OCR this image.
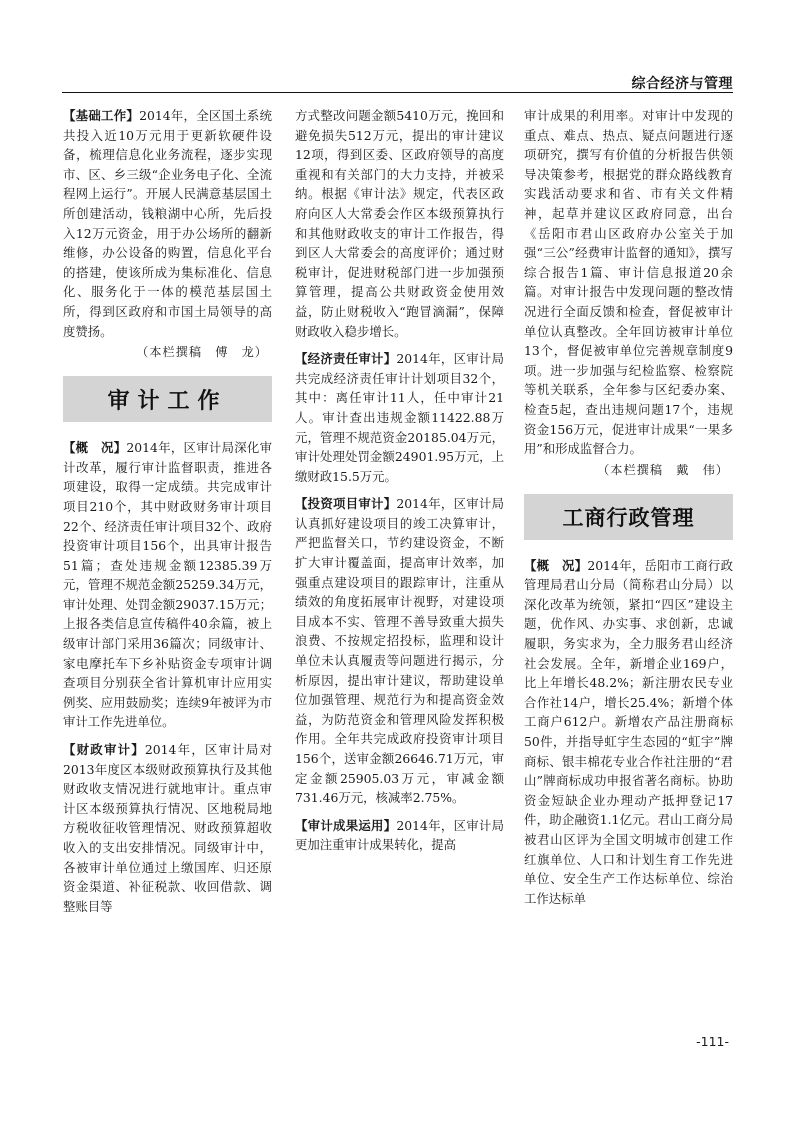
综合经济与管理

【基础工作】2014年，全区国土系统共投入近10万元用于更新软硬件设备，梳理信息化业务流程，逐步实现市、区、乡三级“企业务电子化、全流程网上运行”。开展人民满意基层国土所创建活动，钱粮湖中心所，先后投入12万元资金，用于办公场所的翻新维修，办公设备的购置，信息化平台的搭建，使该所成为集标准化、信息化、服务化于一体的模范基层国土所，得到区政府和市国土局领导的高度赞扬。

（本栏撰稿　傅　龙）

审计工作

【概　况】2014年，区审计局深化审计改革，履行审计监督职责，推进各项建设，取得一定成绩。共完成审计项目210个，其中财政财务审计项目22个、经济责任审计项目32个、政府投资审计项目156个，出具审计报告51篇；查处违规金额12385.39万元，管理不规范金额25259.34万元，审计处理、处罚金额29037.15万元；上报各类信息宣传稿件40余篇，被上级审计部门采用36篇次；同级审计、家电摩托车下乡补贴资金专项审计调查项目分别获全省计算机审计应用实例奖、应用鼓励奖；连续9年被评为市审计工作先进单位。

【财政审计】2014年，区审计局对2013年度区本级财政预算执行及其他财政收支情况进行就地审计。重点审计区本级预算执行情况、区地税局地方税收征收管理情况、财政预算超收收入的支出安排情况。同级审计中，各被审计单位通过上缴国库、归还原资金渠道、补征税款、收回借款、调整账目等

方式整改问题金额5410万元，挽回和避免损失512万元，提出的审计建议12项，得到区委、区政府领导的高度重视和有关部门的大力支持，并被采纳。根据《审计法》规定，代表区政府向区人大常委会作区本级预算执行和其他财政收支的审计工作报告，得到区人大常委会的高度评价；通过财税审计，促进财税部门进一步加强预算管理，提高公共财政资金使用效益，防止财税收入“跑冒滴漏”，保障财政收入稳步增长。

【经济责任审计】2014年，区审计局共完成经济责任审计计划项目32个，其中：离任审计11人，任中审计21人。审计查出违规金额11422.88万元，管理不规范资金20185.04万元，审计处理处罚金额24901.95万元，上缴财政15.5万元。

【投资项目审计】2014年，区审计局认真抓好建设项目的竣工决算审计，严把监督关口，节约建设资金，不断扩大审计覆盖面，提高审计效率，加强重点建设项目的跟踪审计，注重从绩效的角度拓展审计视野，对建设项目成本不实、管理不善导致重大损失浪费、不按规定招投标，监理和设计单位未认真履责等问题进行揭示，分析原因，提出审计建议，帮助建设单位加强管理、规范行为和提高资金效益，为防范资金和管理风险发挥积极作用。全年共完成政府投资审计项目156个，送审金额26646.71万元，审定金额25905.03万元，审减金额731.46万元，核减率2.75%。

【审计成果运用】2014年，区审计局更加注重审计成果转化，提高

审计成果的利用率。对审计中发现的重点、难点、热点、疑点问题进行逐项研究，撰写有价值的分析报告供领导决策参考，根据党的群众路线教育实践活动要求和省、市有关文件精神，起草并建议区政府同意，出台《岳阳市君山区政府办公室关于加强“三公”经费审计监督的通知》，撰写综合报告1篇、审计信息报道20余篇。对审计报告中发现问题的整改情况进行全面反馈和检查，督促被审计单位认真整改。全年回访被审计单位13个，督促被审单位完善规章制度9项。进一步加强与纪检监察、检察院等机关联系，全年参与区纪委办案、检查5起，查出违规问题17个，违规资金156万元，促进审计成果“一果多用”和形成监督合力。

（本栏撰稿　戴　伟）

工商行政管理

【概　况】2014年，岳阳市工商行政管理局君山分局（简称君山分局）以深化改革为统领，紧扣“四区”建设主题，优作风、办实事、求创新，忠诚履职，务实求为，全力服务君山经济社会发展。全年，新增企业169户，比上年增长48.2%；新注册农民专业合作社14户，增长25.4%；新增个体工商户612户。新增农产品注册商标50件，并指导虹宇生态园的“虹宇”牌商标、银丰棉花专业合作社注册的“君山”牌商标成功申报省著名商标。协助资金短缺企业办理动产抵押登记17件，助企融资1.1亿元。君山工商分局被君山区评为全国文明城市创建工作红旗单位、人口和计划生育工作先进单位、安全生产工作达标单位、综治工作达标单

-111-
